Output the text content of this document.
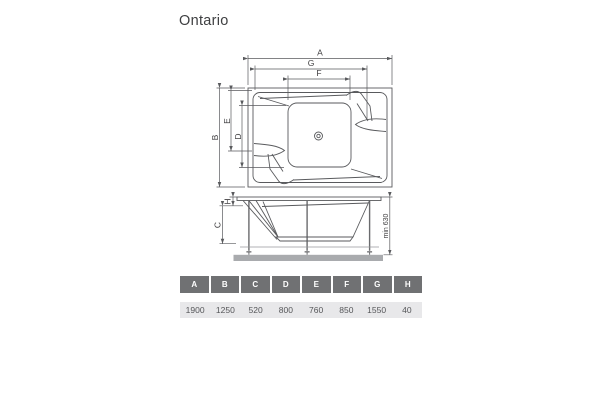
Ontario
A
G
F
B
E
D
H
C	min 630
A	B	C	D	E	F	G	H
1900	1250	520	800	760	850	1550	40
